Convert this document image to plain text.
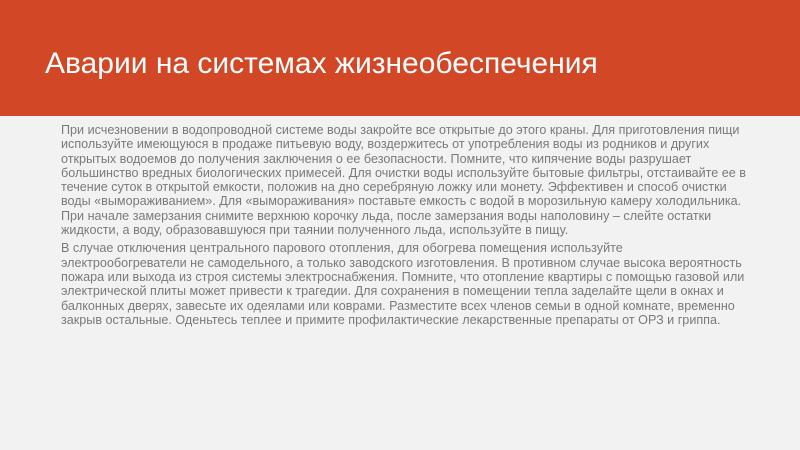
Аварии на системах жизнеобеспечения

При исчезновении в водопроводной системе воды закройте все открытые до этого краны. Для приготовления пищи используйте имеющуюся в продаже питьевую воду, воздержитесь от употребления воды из родников и других открытых водоемов до получения заключения о ее безопасности. Помните, что кипячение воды разрушает большинство вредных биологических примесей. Для очистки воды используйте бытовые фильтры, отстаивайте ее в течение суток в открытой емкости, положив на дно серебряную ложку или монету. Эффективен и способ очистки воды «вымораживанием». Для «вымораживания» поставьте емкость с водой в морозильную камеру холодильника. При начале замерзания снимите верхнюю корочку льда, после замерзания воды наполовину – слейте остатки жидкости, а воду, образовавшуюся при таянии полученного льда, используйте в пищу.

В случае отключения центрального парового отопления, для обогрева помещения используйте электрообогреватели не самодельного, а только заводского изготовления. В противном случае высока вероятность пожара или выхода из строя системы электроснабжения. Помните, что отопление квартиры с помощью газовой или электрической плиты может привести к трагедии. Для сохранения в помещении тепла заделайте щели в окнах и балконных дверях, завесьте их одеялами или коврами. Разместите всех членов семьи в одной комнате, временно закрыв остальные. Оденьтесь теплее и примите профилактические лекарственные препараты от ОРЗ и гриппа.
